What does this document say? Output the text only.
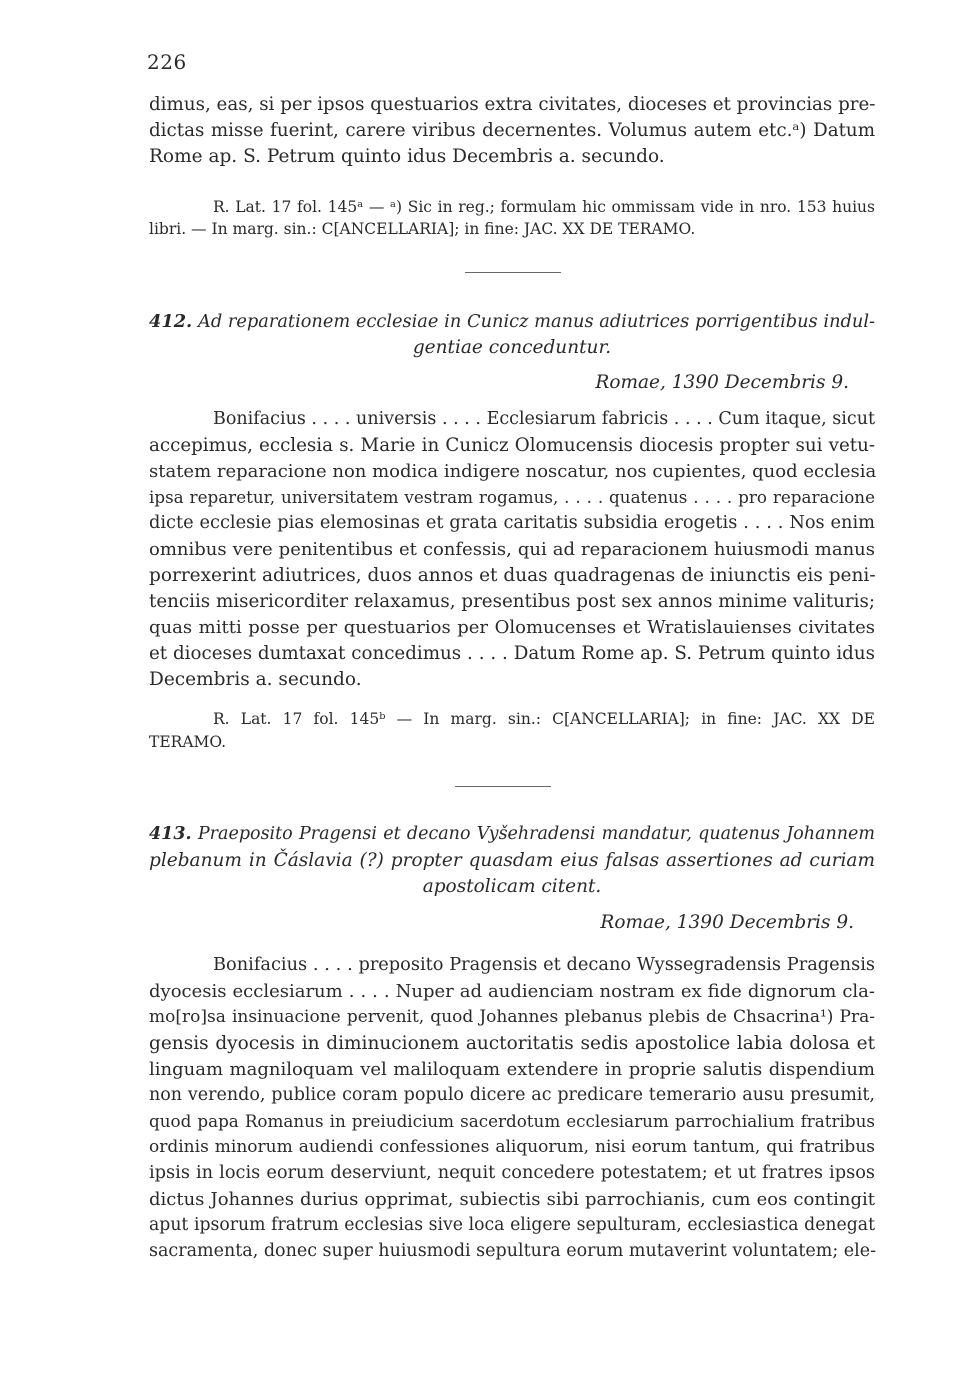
226
dimus, eas, si per ipsos questuarios extra civitates, dioceses et provincias pre-
dictas misse fuerint, carere viribus decernentes. Volumus autem etc.ᵃ) Datum
Rome ap. S. Petrum quinto idus Decembris a. secundo.
R. Lat. 17 fol. 145ᵃ — ᵃ) Sic in reg.; formulam hic ommissam vide in nro. 153 huius
libri. — In marg. sin.: C[ANCELLARIA]; in fine: JAC. XX DE TERAMO.
412. Ad reparationem ecclesiae in Cunicz manus adiutrices porrigentibus indul-
gentiae conceduntur.
Romae, 1390 Decembris 9.
Bonifacius . . . . universis . . . . Ecclesiarum fabricis . . . . Cum itaque, sicut
accepimus, ecclesia s. Marie in Cunicz Olomucensis diocesis propter sui vetu-
statem reparacione non modica indigere noscatur, nos cupientes, quod ecclesia
ipsa reparetur, universitatem vestram rogamus, . . . . quatenus . . . . pro reparacione
dicte ecclesie pias elemosinas et grata caritatis subsidia erogetis . . . . Nos enim
omnibus vere penitentibus et confessis, qui ad reparacionem huiusmodi manus
porrexerint adiutrices, duos annos et duas quadragenas de iniunctis eis peni-
tenciis misericorditer relaxamus, presentibus post sex annos minime valituris;
quas mitti posse per questuarios per Olomucenses et Wratislauienses civitates
et dioceses dumtaxat concedimus . . . . Datum Rome ap. S. Petrum quinto idus
Decembris a. secundo.
R. Lat. 17 fol. 145ᵇ — In marg. sin.: C[ANCELLARIA]; in fine: JAC. XX DE
TERAMO.
413. Praeposito Pragensi et decano Vyšehradensi mandatur, quatenus Johannem
plebanum in Čáslavia (?) propter quasdam eius falsas assertiones ad curiam
apostolicam citent.
Romae, 1390 Decembris 9.
Bonifacius . . . . preposito Pragensis et decano Wyssegradensis Pragensis
dyocesis ecclesiarum . . . . Nuper ad audienciam nostram ex fide dignorum cla-
mo[ro]sa insinuacione pervenit, quod Johannes plebanus plebis de Chsacrina¹) Pra-
gensis dyocesis in diminucionem auctoritatis sedis apostolice labia dolosa et
linguam magniloquam vel maliloquam extendere in proprie salutis dispendium
non verendo, publice coram populo dicere ac predicare temerario ausu presumit,
quod papa Romanus in preiudicium sacerdotum ecclesiarum parrochialium fratribus
ordinis minorum audiendi confessiones aliquorum, nisi eorum tantum, qui fratribus
ipsis in locis eorum deserviunt, nequit concedere potestatem; et ut fratres ipsos
dictus Johannes durius opprimat, subiectis sibi parrochianis, cum eos contingit
aput ipsorum fratrum ecclesias sive loca eligere sepulturam, ecclesiastica denegat
sacramenta, donec super huiusmodi sepultura eorum mutaverint voluntatem; ele-
